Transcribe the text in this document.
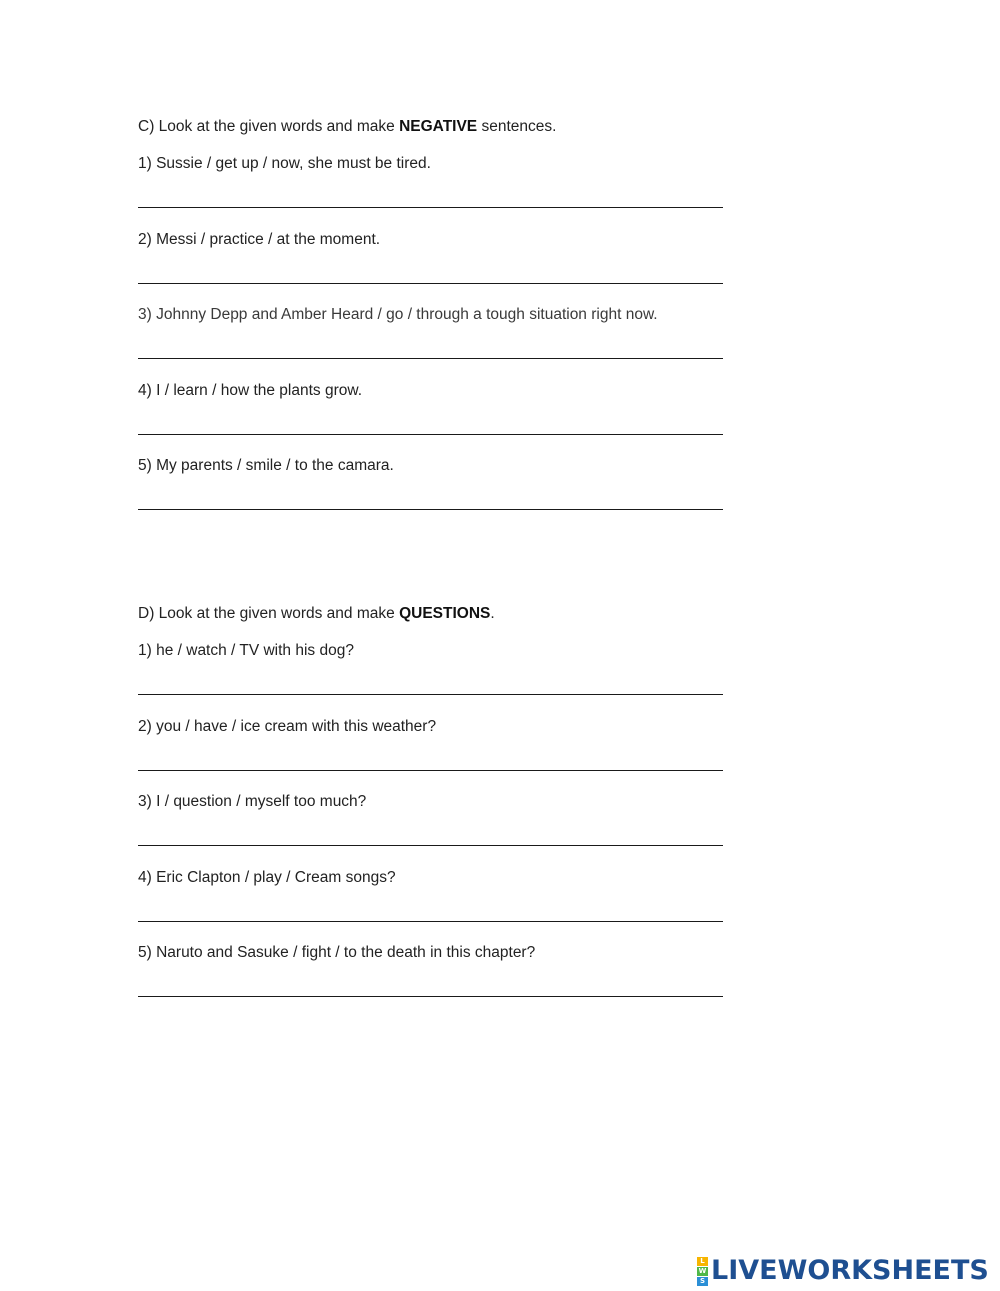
C) Look at the given words and make NEGATIVE sentences.
1) Sussie / get up / now, she must be tired.
2) Messi / practice / at the moment.
3) Johnny Depp and Amber Heard / go / through a tough situation right now.
4) I / learn / how the plants grow.
5) My parents / smile / to the camara.
D) Look at the given words and make QUESTIONS.
1) he / watch / TV with his dog?
2) you / have / ice cream with this weather?
3) I / question / myself too much?
4) Eric Clapton / play / Cream songs?
5) Naruto and Sasuke / fight / to the death in this chapter?
L
W
S LIVEWORKSHEETS
